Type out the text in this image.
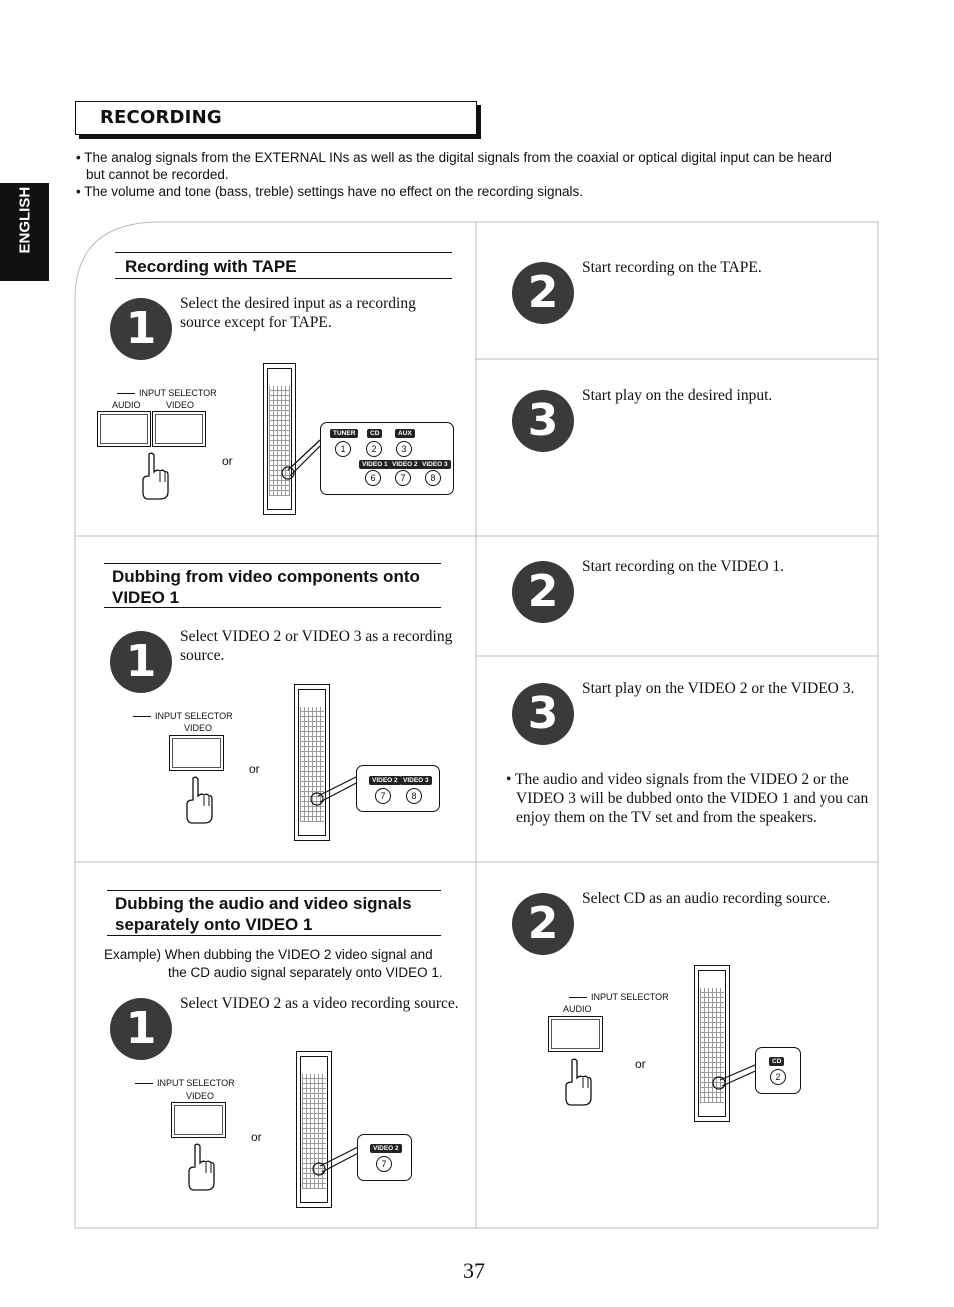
RECORDING
• The analog signals from the EXTERNAL INs as well as the digital signals from the coaxial or optical digital input can be heard
but cannot be recorded.
• The volume and tone (bass, treble) settings have no effect on the recording signals.
ENGLISH
Recording with TAPE
1	Select the desired input as a recording source except for TAPE.
INPUT SELECTOR
AUDIO	VIDEO
or
TUNER	CD	AUX
1	2	3
VIDEO 1 VIDEO 2 VIDEO 3
6	7	8
2	Start recording on the TAPE.
3	Start play on the desired input.
Dubbing from video components onto VIDEO 1
1	Select VIDEO 2 or VIDEO 3 as a recording source.
INPUT SELECTOR
VIDEO
or
VIDEO 2 VIDEO 3
7	8
2	Start recording on the VIDEO 1.
3	Start play on the VIDEO 2 or the VIDEO 3.
• The audio and video signals from the VIDEO 2 or the VIDEO 3 will be dubbed onto the VIDEO 1 and you can enjoy them on the TV set and from the speakers.
Dubbing the audio and video signals separately onto VIDEO 1
Example) When dubbing the VIDEO 2 video signal and
the CD audio signal separately onto VIDEO 1.
1	Select VIDEO 2 as a video recording source.
INPUT SELECTOR
VIDEO
or
VIDEO 2
7
2	Select CD as an audio recording source.
INPUT SELECTOR
AUDIO
or	CD
2
37
